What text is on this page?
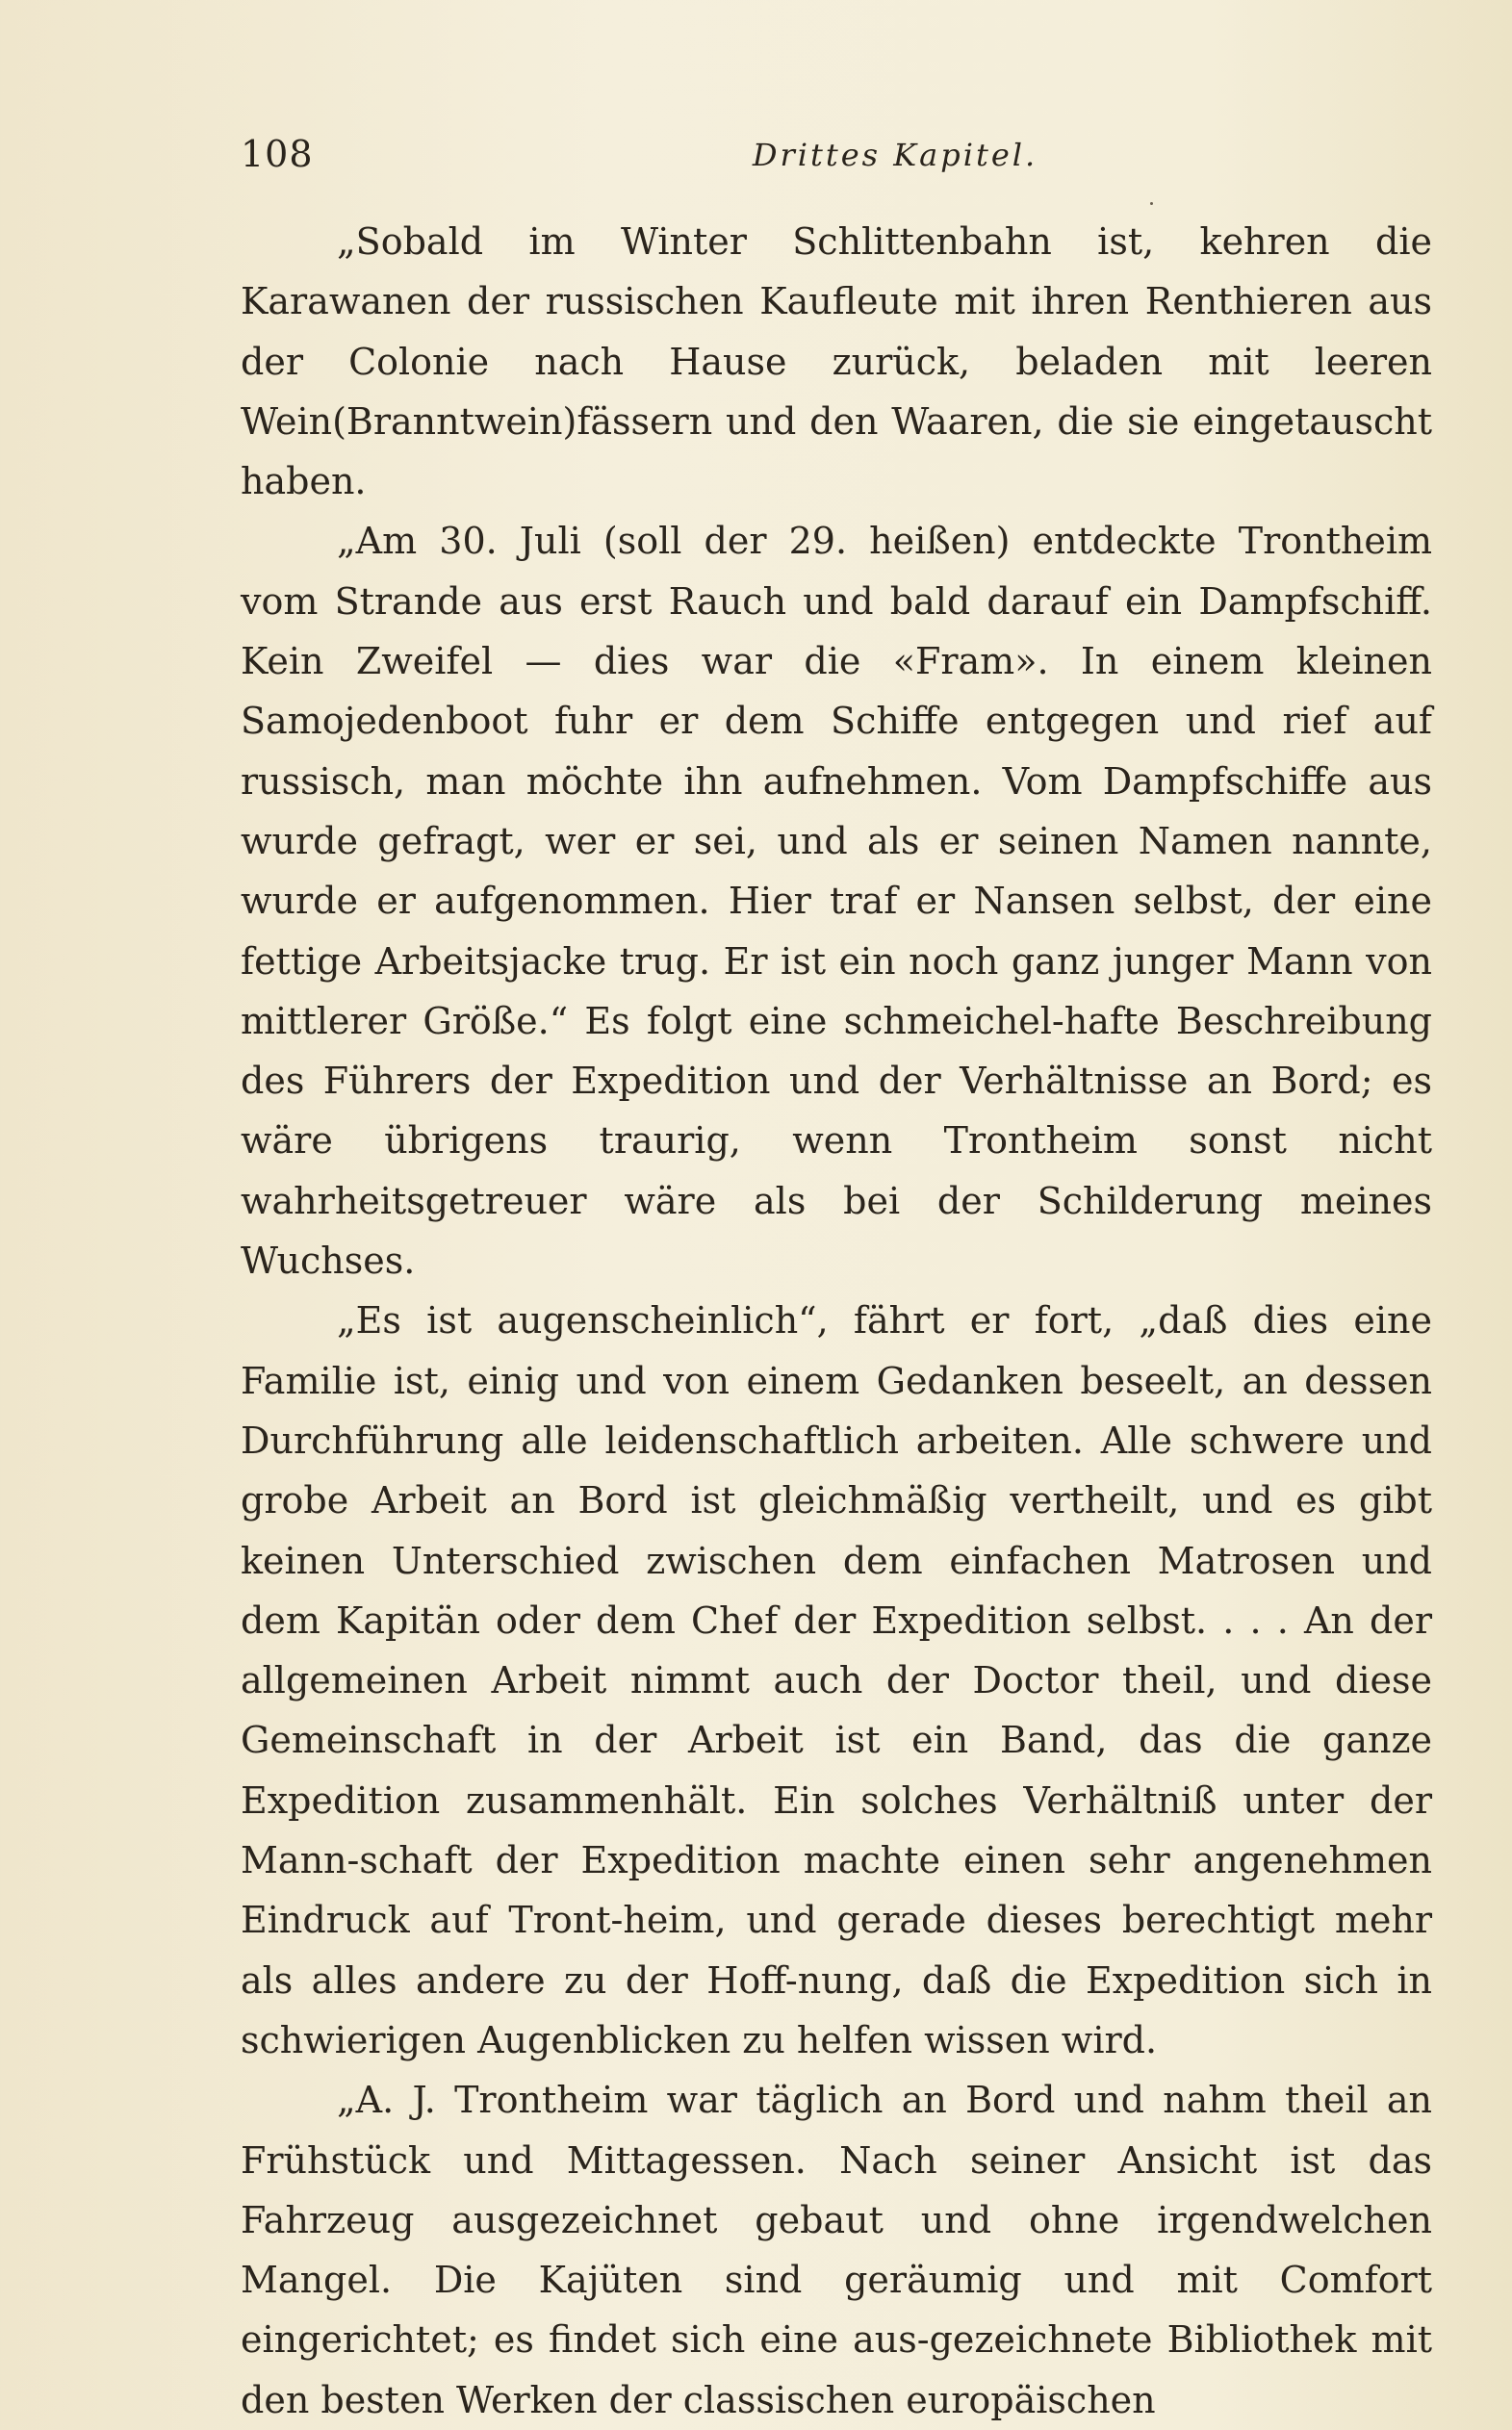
108	Drittes Kapitel.

„Sobald im Winter Schlittenbahn ist, kehren die Karawanen der russischen Kaufleute mit ihren Renthieren aus der Colonie nach Hause zurück, beladen mit leeren Wein(Branntwein)fässern und den Waaren, die sie eingetauscht haben.

„Am 30. Juli (soll der 29. heißen) entdeckte Trontheim vom Strande aus erst Rauch und bald darauf ein Dampfschiff. Kein Zweifel — dies war die «Fram». In einem kleinen Samojedenboot fuhr er dem Schiffe entgegen und rief auf russisch, man möchte ihn aufnehmen. Vom Dampfschiffe aus wurde gefragt, wer er sei, und als er seinen Namen nannte, wurde er aufgenommen. Hier traf er Nansen selbst, der eine fettige Arbeitsjacke trug. Er ist ein noch ganz junger Mann von mittlerer Größe.“ Es folgt eine schmeichel-hafte Beschreibung des Führers der Expedition und der Verhältnisse an Bord; es wäre übrigens traurig, wenn Trontheim sonst nicht wahrheitsgetreuer wäre als bei der Schilderung meines Wuchses.

„Es ist augenscheinlich“, fährt er fort, „daß dies eine Familie ist, einig und von einem Gedanken beseelt, an dessen Durchführung alle leidenschaftlich arbeiten. Alle schwere und grobe Arbeit an Bord ist gleichmäßig vertheilt, und es gibt keinen Unterschied zwischen dem einfachen Matrosen und dem Kapitän oder dem Chef der Expedition selbst. . . . An der allgemeinen Arbeit nimmt auch der Doctor theil, und diese Gemeinschaft in der Arbeit ist ein Band, das die ganze Expedition zusammenhält. Ein solches Verhältniß unter der Mann-schaft der Expedition machte einen sehr angenehmen Eindruck auf Tront-heim, und gerade dieses berechtigt mehr als alles andere zu der Hoff-nung, daß die Expedition sich in schwierigen Augenblicken zu helfen wissen wird.

„A. J. Trontheim war täglich an Bord und nahm theil an Frühstück und Mittagessen. Nach seiner Ansicht ist das Fahrzeug ausgezeichnet gebaut und ohne irgendwelchen Mangel. Die Kajüten sind geräumig und mit Comfort eingerichtet; es findet sich eine aus-gezeichnete Bibliothek mit den besten Werken der classischen europäischen
